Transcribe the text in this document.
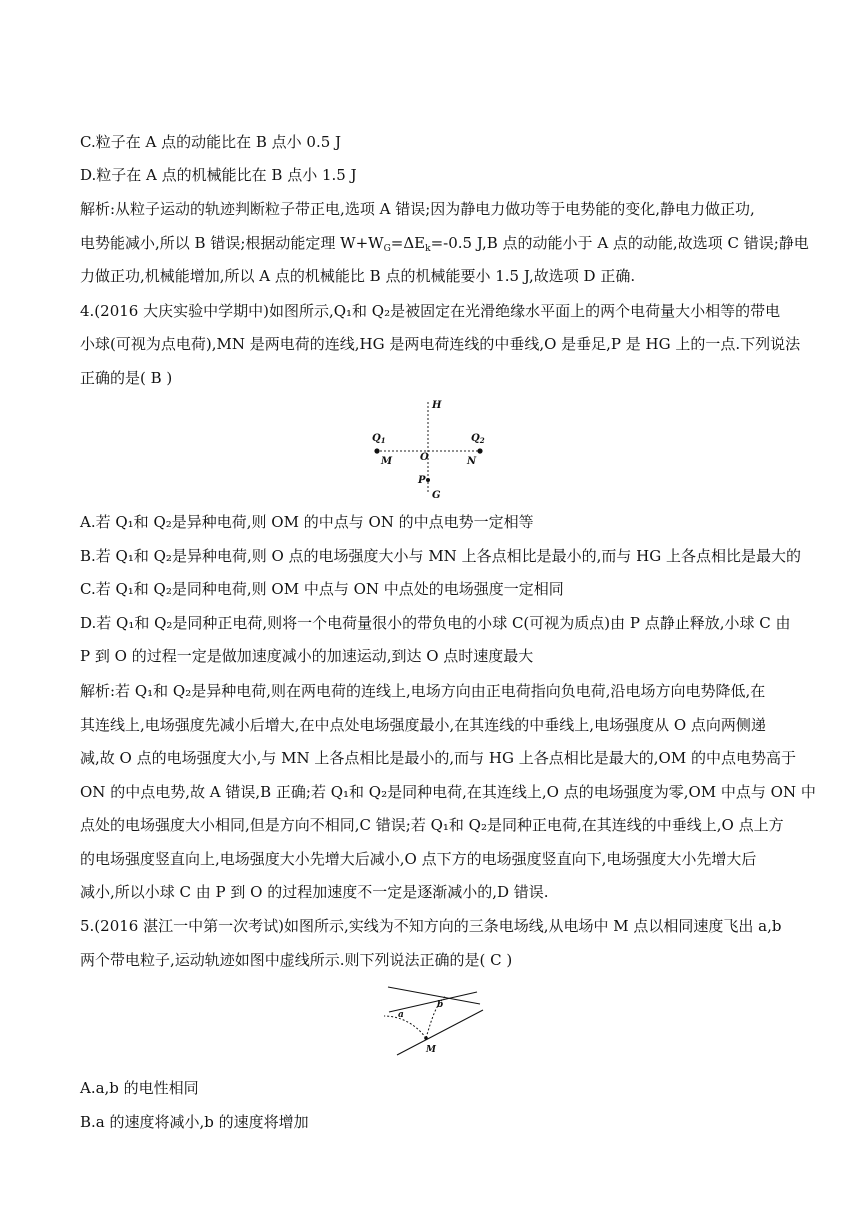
C.粒子在 A 点的动能比在 B 点小 0.5 J
D.粒子在 A 点的机械能比在 B 点小 1.5 J
解析:从粒子运动的轨迹判断粒子带正电,选项 A 错误;因为静电力做功等于电势能的变化,静电力做正功,
电势能减小,所以 B 错误;根据动能定理 $W+W_G=\Delta E_k=-0.5$ J,B 点的动能小于 A 点的动能,故选项 C 错误;静电
力做正功,机械能增加,所以 A 点的机械能比 B 点的机械能要小 1.5 J,故选项 D 正确.
4.(2016 大庆实验中学期中)如图所示,Q₁和 Q₂是被固定在光滑绝缘水平面上的两个电荷量大小相等的带电
小球(可视为点电荷),MN 是两电荷的连线,HG 是两电荷连线的中垂线,O 是垂足,P 是 HG 上的一点.下列说法
正确的是( B )
H
$Q_1$	$Q_2$
M	O	N
P
G
A.若 Q₁和 Q₂是异种电荷,则 OM 的中点与 ON 的中点电势一定相等
B.若 Q₁和 Q₂是异种电荷,则 O 点的电场强度大小与 MN 上各点相比是最小的,而与 HG 上各点相比是最大的
C.若 Q₁和 Q₂是同种电荷,则 OM 中点与 ON 中点处的电场强度一定相同
D.若 Q₁和 Q₂是同种正电荷,则将一个电荷量很小的带负电的小球 C(可视为质点)由 P 点静止释放,小球 C 由
P 到 O 的过程一定是做加速度减小的加速运动,到达 O 点时速度最大
解析:若 Q₁和 Q₂是异种电荷,则在两电荷的连线上,电场方向由正电荷指向负电荷,沿电场方向电势降低,在
其连线上,电场强度先减小后增大,在中点处电场强度最小,在其连线的中垂线上,电场强度从 O 点向两侧递
减,故 O 点的电场强度大小,与 MN 上各点相比是最小的,而与 HG 上各点相比是最大的,OM 的中点电势高于
ON 的中点电势,故 A 错误,B 正确;若 Q₁和 Q₂是同种电荷,在其连线上,O 点的电场强度为零,OM 中点与 ON 中
点处的电场强度大小相同,但是方向不相同,C 错误;若 Q₁和 Q₂是同种正电荷,在其连线的中垂线上,O 点上方
的电场强度竖直向上,电场强度大小先增大后减小,O 点下方的电场强度竖直向下,电场强度大小先增大后
减小,所以小球 C 由 P 到 O 的过程加速度不一定是逐渐减小的,D 错误.
5.(2016 湛江一中第一次考试)如图所示,实线为不知方向的三条电场线,从电场中 M 点以相同速度飞出 a,b
两个带电粒子,运动轨迹如图中虚线所示.则下列说法正确的是( C )
a
b
M
A.a,b 的电性相同
B.a 的速度将减小,b 的速度将增加
